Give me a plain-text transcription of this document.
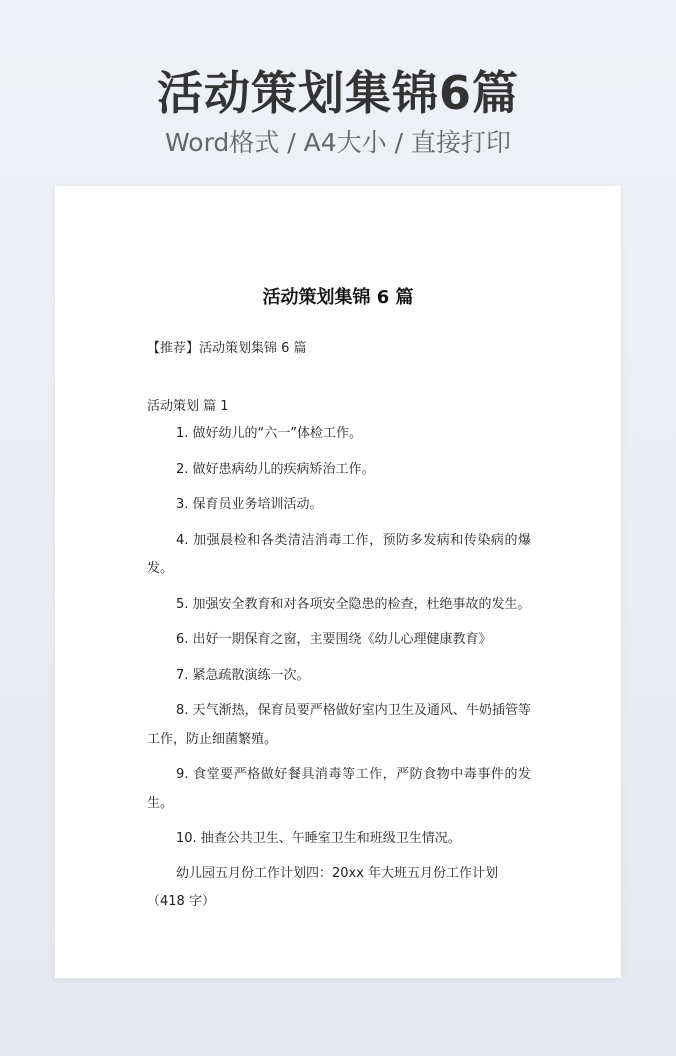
活动策划集锦6篇
Word格式 / A4大小 / 直接打印
活动策划集锦 6 篇
【推荐】活动策划集锦 6 篇
活动策划 篇 1
1. 做好幼儿的“六一”体检工作。
2. 做好患病幼儿的疾病矫治工作。
3. 保育员业务培训活动。
4. 加强晨检和各类清洁消毒工作，预防多发病和传染病的爆发。
5. 加强安全教育和对各项安全隐患的检查，杜绝事故的发生。
6. 出好一期保育之窗，主要围绕《幼儿心理健康教育》
7. 紧急疏散演练一次。
8. 天气渐热，保育员要严格做好室内卫生及通风、牛奶插管等工作，防止细菌繁殖。
9. 食堂要严格做好餐具消毒等工作，严防食物中毒事件的发生。
10. 抽查公共卫生、午睡室卫生和班级卫生情况。
幼儿园五月份工作计划四：20xx 年大班五月份工作计划（418 字）
